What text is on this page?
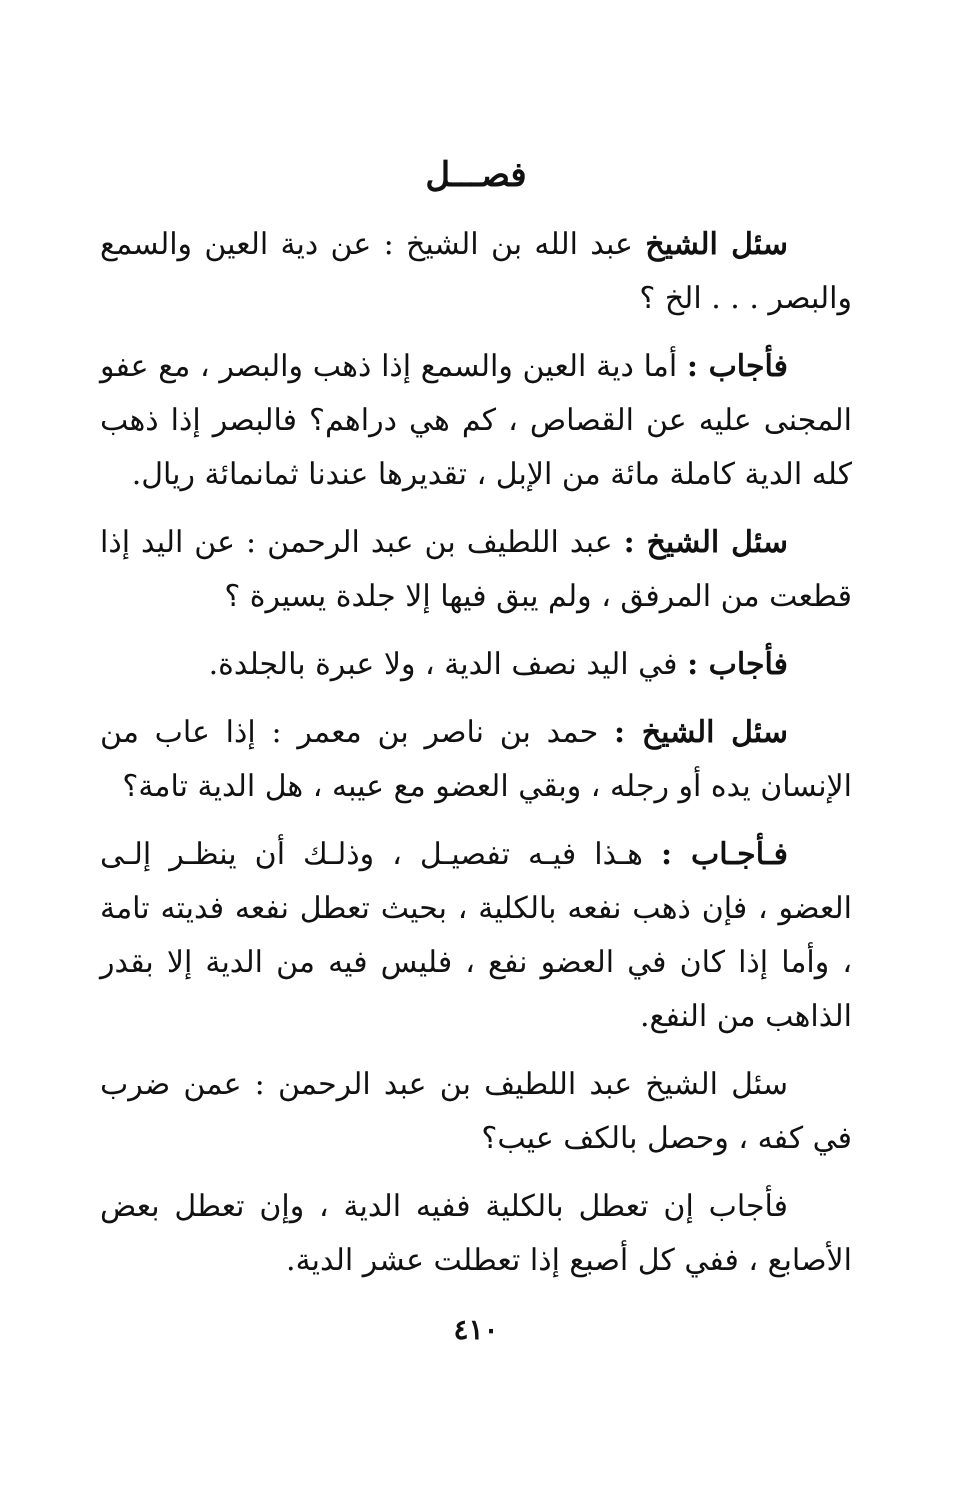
فصـــل

سئل الشيخ عبد الله بن الشيخ : عن دية العين والسمع والبصر . . . الخ ؟

فأجاب : أما دية العين والسمع إذا ذهب والبصر ، مع عفو المجنى عليه عن القصاص ، كم هي دراهم؟ فالبصر إذا ذهب كله الدية كاملة مائة من الإبل ، تقديرها عندنا ثمانمائة ريال.

سئل الشيخ : عبد اللطيف بن عبد الرحمن : عن اليد إذا قطعت من المرفق ، ولم يبق فيها إلا جلدة يسيرة ؟

فأجاب : في اليد نصف الدية ، ولا عبرة بالجلدة.

سئل الشيخ : حمد بن ناصر بن معمر : إذا عاب من الإنسان يده أو رجله ، وبقي العضو مع عيبه ، هل الدية تامة؟

فـأجـاب : هـذا فيـه تفصيـل ، وذلـك أن ينظـر إلـى العضو ، فإن ذهب نفعه بالكلية ، بحيث تعطل نفعه فديته تامة ، وأما إذا كان في العضو نفع ، فليس فيه من الدية إلا بقدر الذاهب من النفع.

سئل الشيخ عبد اللطيف بن عبد الرحمن : عمن ضرب في كفه ، وحصل بالكف عيب؟

فأجاب إن تعطل بالكلية ففيه الدية ، وإن تعطل بعض الأصابع ، ففي كل أصبع إذا تعطلت عشر الدية.

٤١٠
